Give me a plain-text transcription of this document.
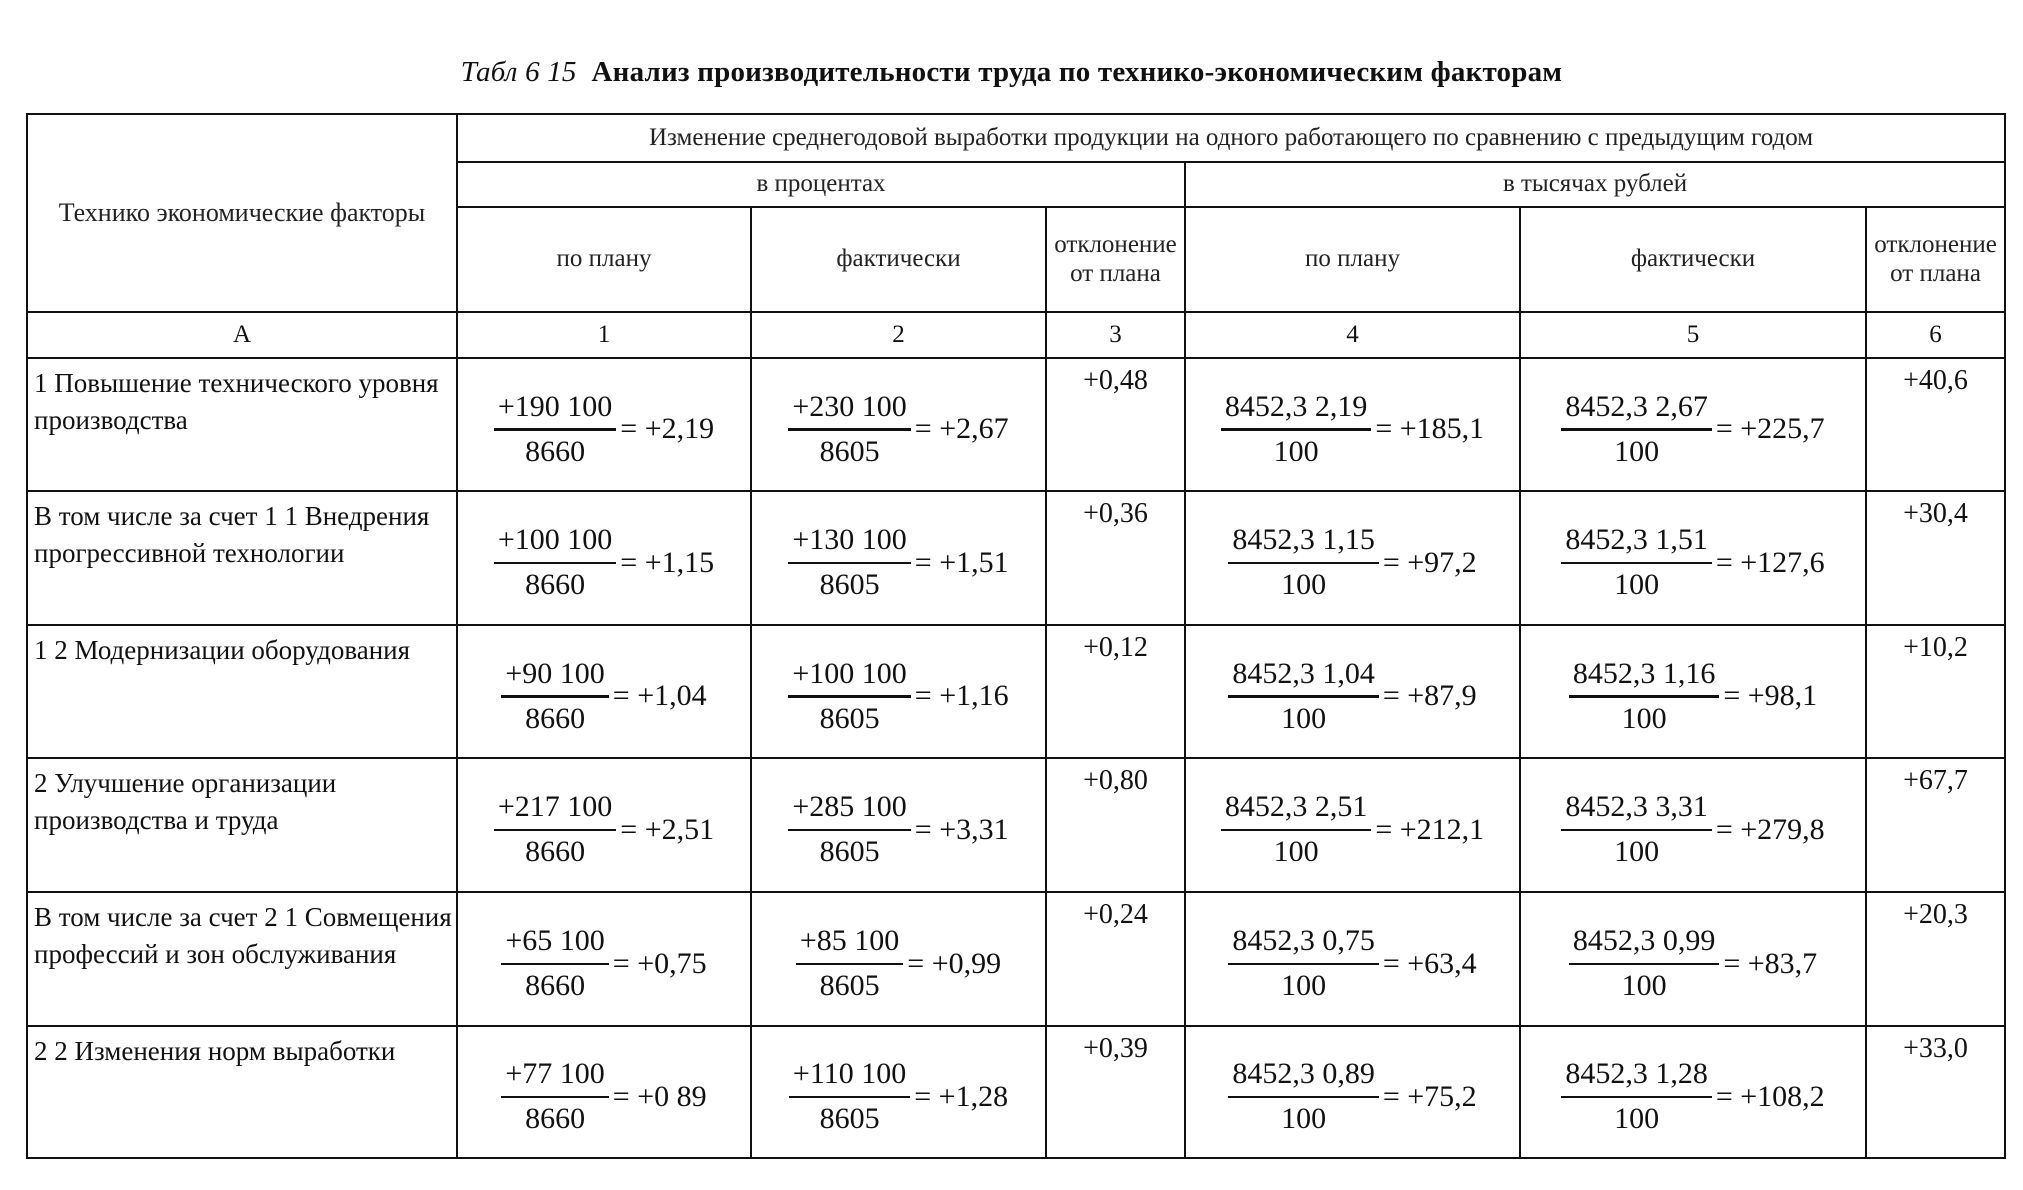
Табл 6 15 Анализ производительности труда по технико-экономическим факторам
Технико экономические факторы	Изменение среднегодовой выработки продукции на одного работающего по сравнению с предыдущим годом					
	в процентах			в тысячах рублей		
	по плану	фактически	отклонение от плана	по плану	фактически	отклонение от плана
А	1	2	3	4	5	6
1 Повышение технического уровня производства	$\frac{+190 100}{8660} = +2,19$	$\frac{+230 100}{8605} = +2,67$	+0,48	$\frac{8452,3 2,19}{100} = +185,1$	$\frac{8452,3 2,67}{100} = +225,7$	+40,6
В том числе за счет 1 1 Внедрения прогрессивной технологии	$\frac{+100 100}{8660} = +1,15$	$\frac{+130 100}{8605} = +1,51$	+0,36	$\frac{8452,3 1,15}{100} = +97,2$	$\frac{8452,3 1,51}{100} = +127,6$	+30,4
1 2 Модернизации оборудования	$\frac{+90 100}{8660} = +1,04$	$\frac{+100 100}{8605} = +1,16$	+0,12	$\frac{8452,3 1,04}{100} = +87,9$	$\frac{8452,3 1,16}{100} = +98,1$	+10,2
2 Улучшение организации производства и труда	$\frac{+217 100}{8660} = +2,51$	$\frac{+285 100}{8605} = +3,31$	+0,80	$\frac{8452,3 2,51}{100} = +212,1$	$\frac{8452,3 3,31}{100} = +279,8$	+67,7
В том числе за счет 2 1 Совмещения профессий и зон обслуживания	$\frac{+65 100}{8660} = +0,75$	$\frac{+85 100}{8605} = +0,99$	+0,24	$\frac{8452,3 0,75}{100} = +63,4$	$\frac{8452,3 0,99}{100} = +83,7$	+20,3
2 2 Изменения норм выработки	$\frac{+77 100}{8660} = +0$ 89	$\frac{+110 100}{8605} = +1,28$	+0,39	$\frac{8452,3 0,89}{100} = +75,2$	$\frac{8452,3 1,28}{100} = +108,2$	+33,0
